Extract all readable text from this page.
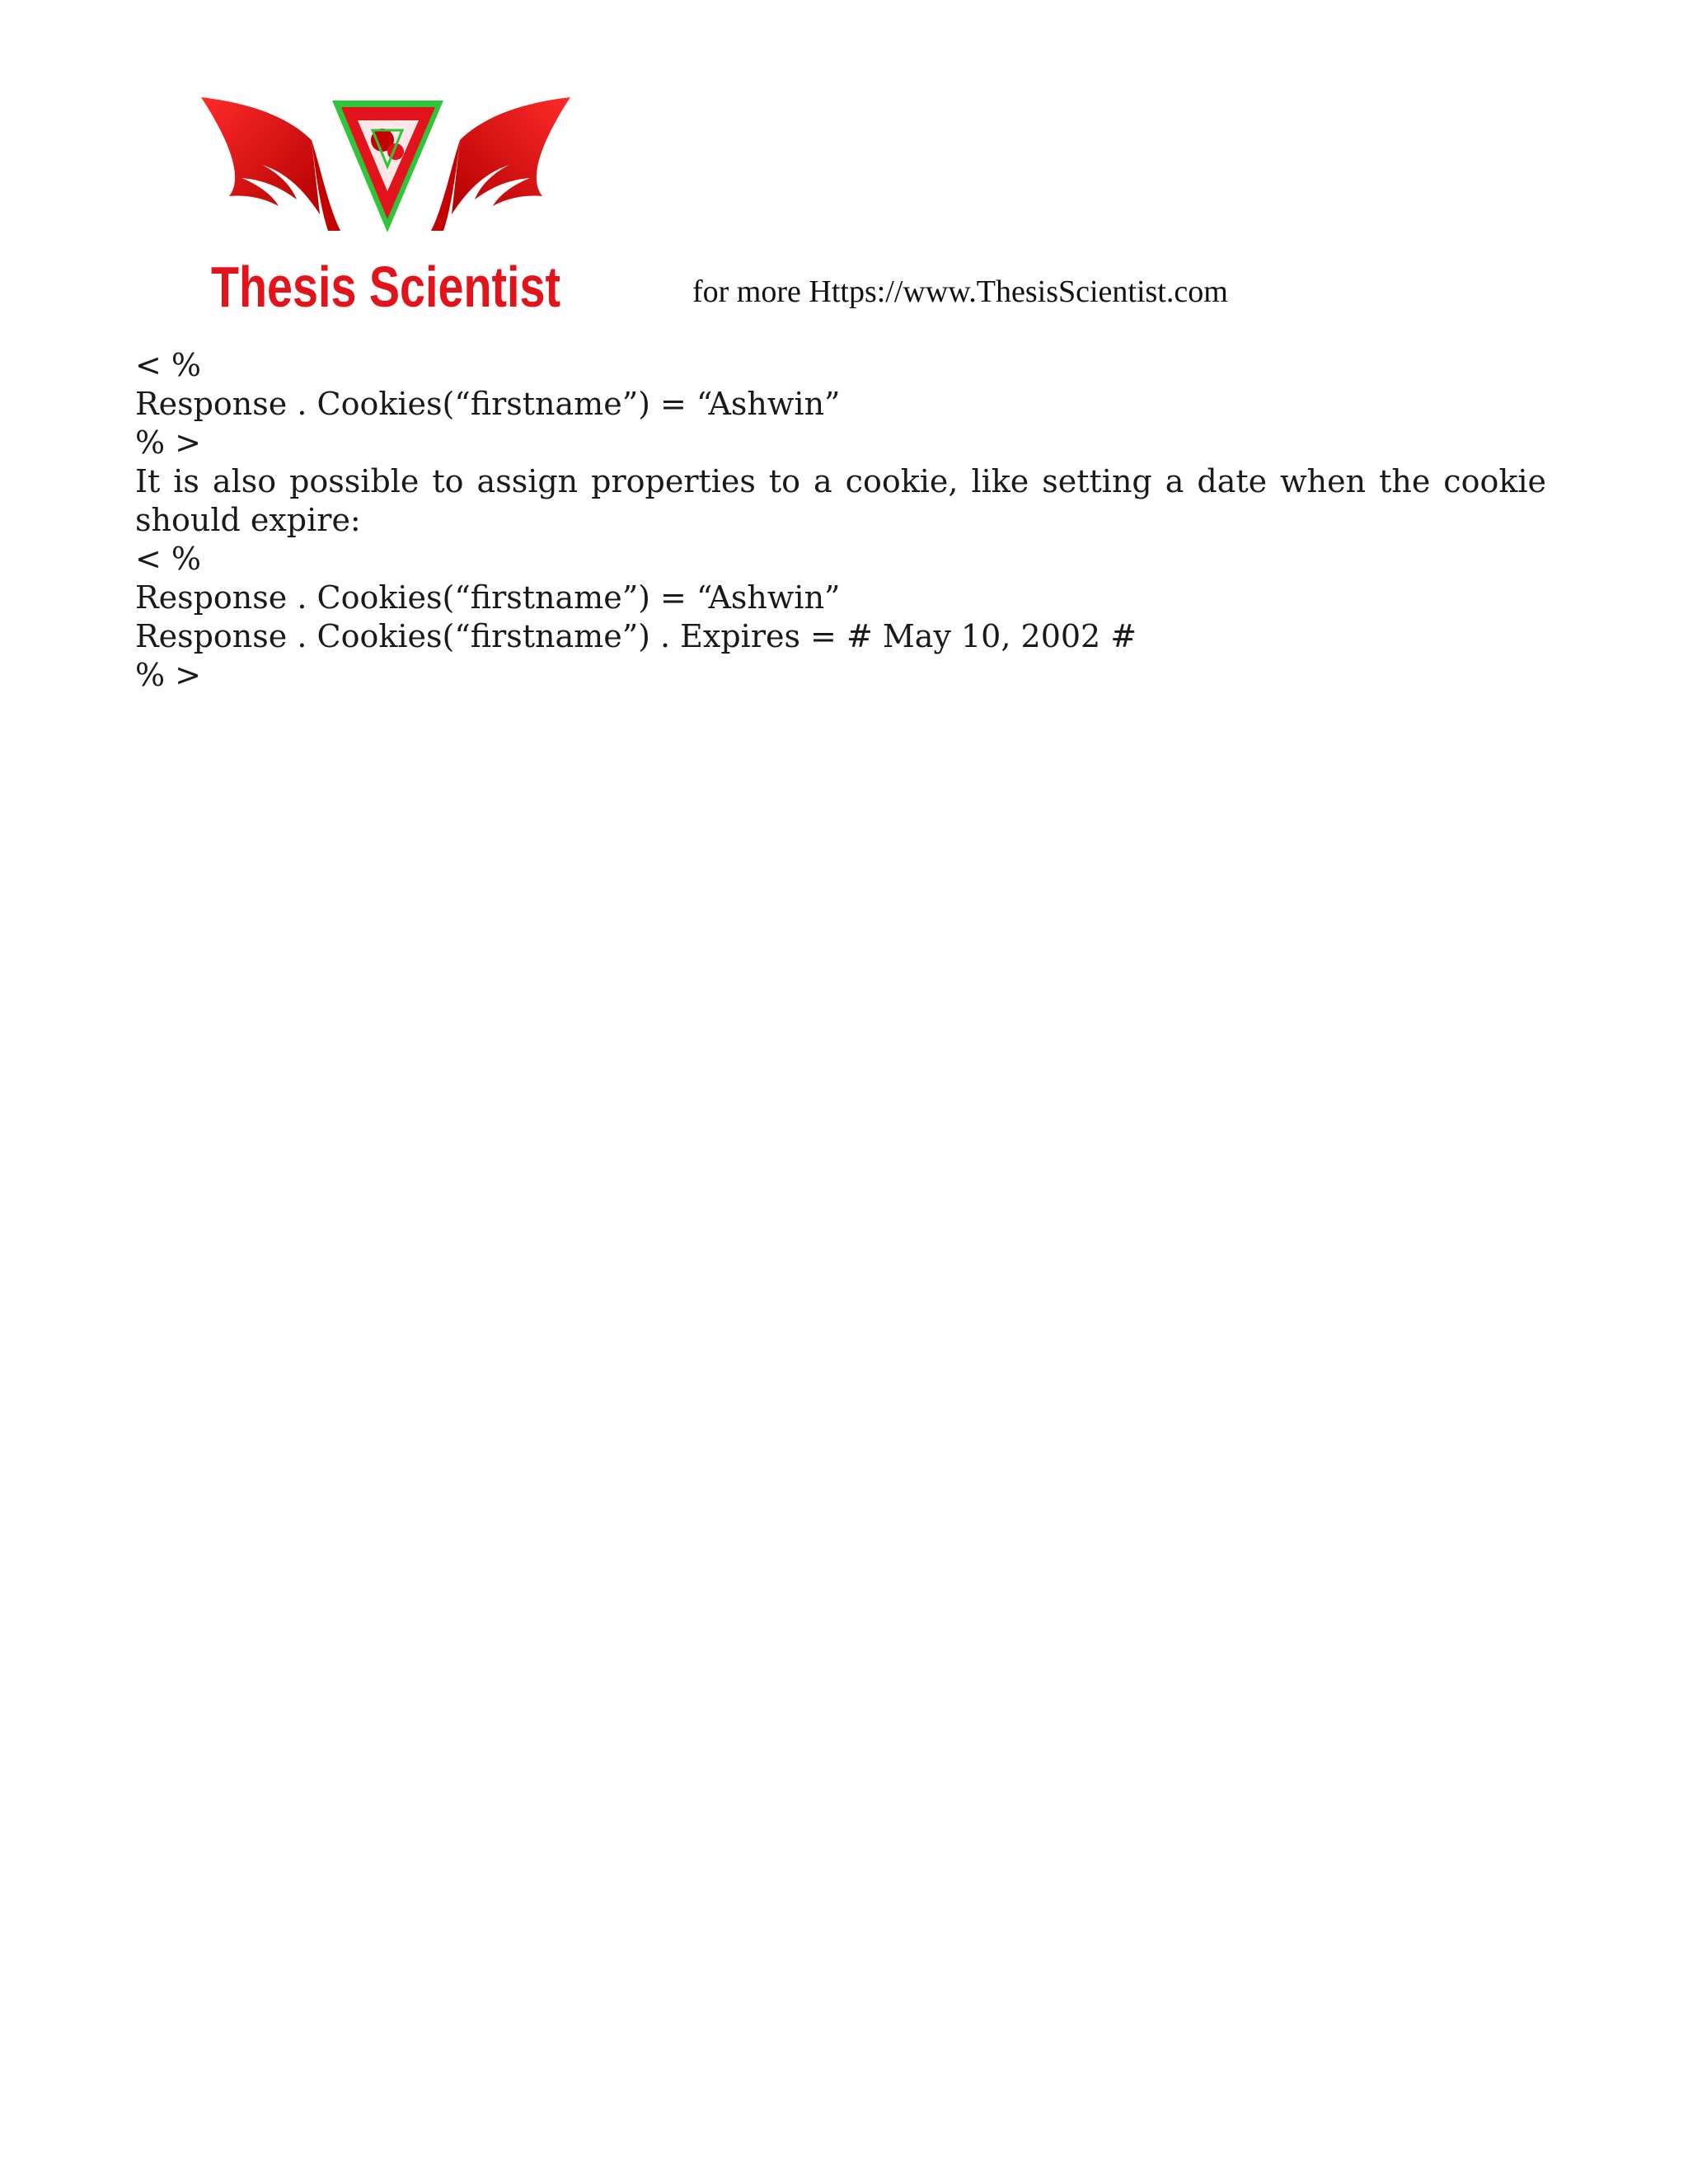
Thesis Scientist	for more Https://www.ThesisScientist.com

< %

Response . Cookies(“firstname”) = “Ashwin”

% >

It is also possible to assign properties to a cookie, like setting a date when the cookie should expire:

< %

Response . Cookies(“firstname”) = “Ashwin”

Response . Cookies(“firstname”) . Expires = # May 10, 2002 #

% >
